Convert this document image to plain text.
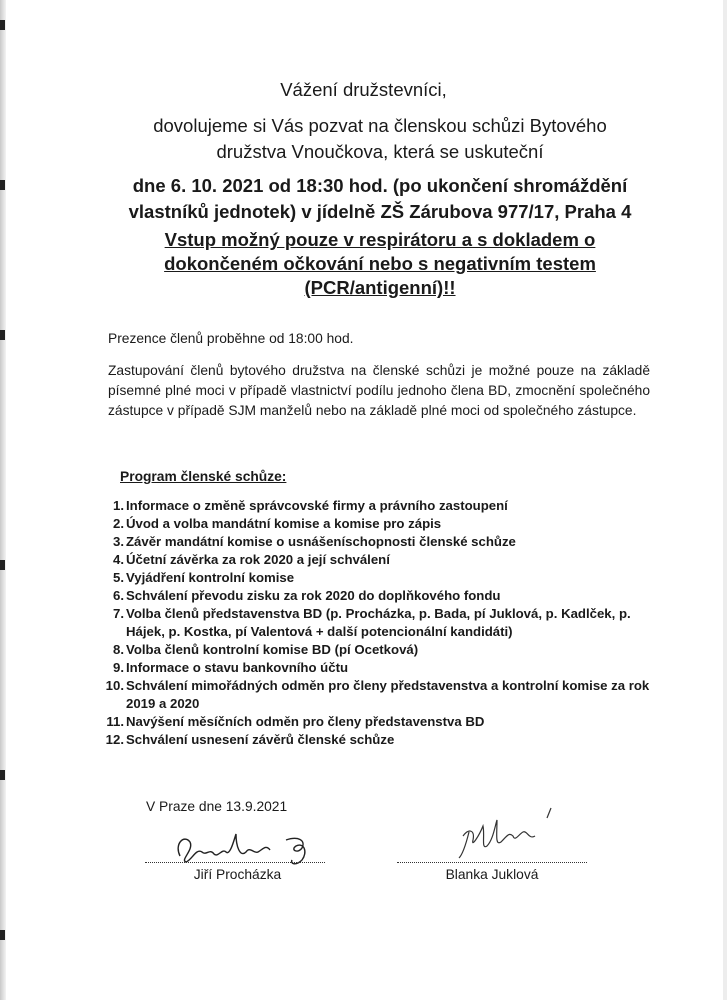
Vážení družstevníci,
dovolujeme si Vás pozvat na členskou schůzi Bytového družstva Vnoučkova, která se uskuteční
dne 6. 10. 2021 od 18:30 hod. (po ukončení shromáždění vlastníků jednotek) v jídelně ZŠ Zárubova 977/17, Praha 4
Vstup možný pouze v respirátoru a s dokladem o dokončeném očkování nebo s negativním testem (PCR/antigenní)!!
Prezence členů proběhne od 18:00 hod.
Zastupování členů bytového družstva na členské schůzi je možné pouze na základě písemné plné moci v případě vlastnictví podílu jednoho člena BD, zmocnění společného zástupce v případě SJM manželů nebo na základě plné moci od společného zástupce.
Program členské schůze:
1. Informace o změně správcovské firmy a právního zastoupení
2. Úvod a volba mandátní komise a komise pro zápis
3. Závěr mandátní komise o usnášeníschopnosti členské schůze
4. Účetní závěrka za rok 2020 a její schválení
5. Vyjádření kontrolní komise
6. Schválení převodu zisku za rok 2020 do doplňkového fondu
7. Volba členů představenstva BD (p. Procházka, p. Bada, pí Juklová, p. Kadlček, p. Hájek, p. Kostka, pí Valentová + další potencionální kandidáti)
8. Volba členů kontrolní komise BD (pí Ocetková)
9. Informace o stavu bankovního účtu
10. Schválení mimořádných odměn pro členy představenstva a kontrolní komise za rok 2019 a 2020
11. Navýšení měsíčních odměn pro členy představenstva BD
12. Schválení usnesení závěrů členské schůze
V Praze dne 13.9.2021
Jiří Procházka	Blanka Juklová
